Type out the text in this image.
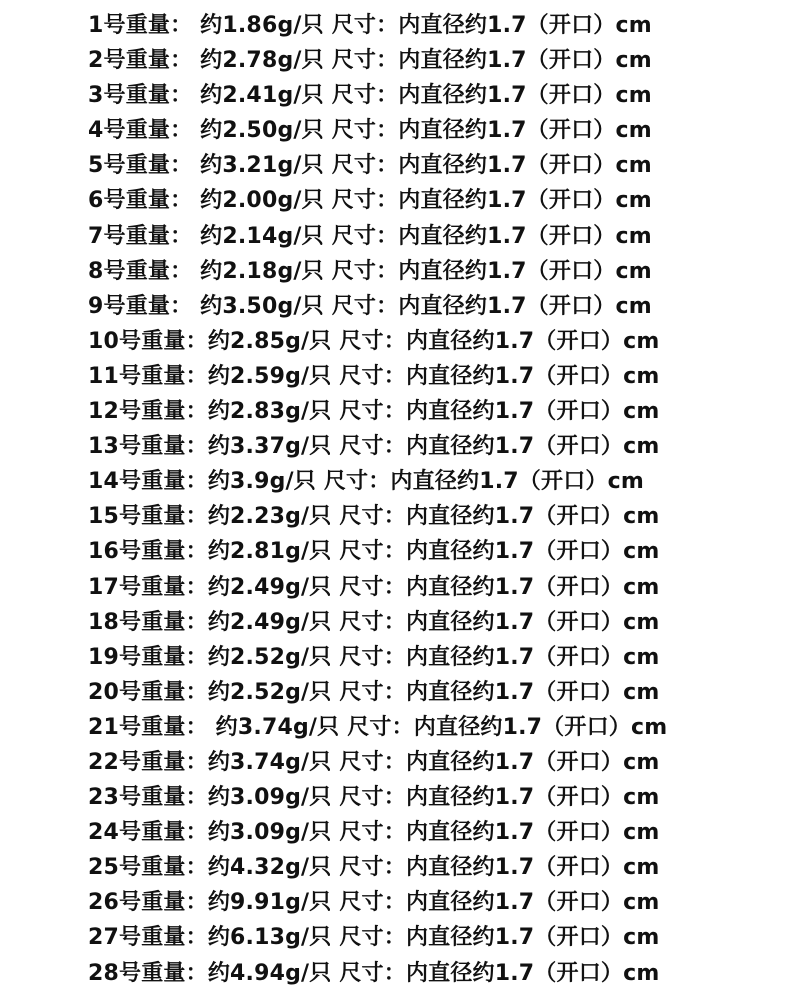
1号重量： 约1.86g/只 尺寸：内直径约1.7（开口）cm
2号重量： 约2.78g/只 尺寸：内直径约1.7（开口）cm
3号重量： 约2.41g/只 尺寸：内直径约1.7（开口）cm
4号重量： 约2.50g/只 尺寸：内直径约1.7（开口）cm
5号重量： 约3.21g/只 尺寸：内直径约1.7（开口）cm
6号重量： 约2.00g/只 尺寸：内直径约1.7（开口）cm
7号重量： 约2.14g/只 尺寸：内直径约1.7（开口）cm
8号重量： 约2.18g/只 尺寸：内直径约1.7（开口）cm
9号重量： 约3.50g/只 尺寸：内直径约1.7（开口）cm
10号重量：约2.85g/只 尺寸：内直径约1.7（开口）cm
11号重量：约2.59g/只 尺寸：内直径约1.7（开口）cm
12号重量：约2.83g/只 尺寸：内直径约1.7（开口）cm
13号重量：约3.37g/只 尺寸：内直径约1.7（开口）cm
14号重量：约3.9g/只 尺寸：内直径约1.7（开口）cm
15号重量：约2.23g/只 尺寸：内直径约1.7（开口）cm
16号重量：约2.81g/只 尺寸：内直径约1.7（开口）cm
17号重量：约2.49g/只 尺寸：内直径约1.7（开口）cm
18号重量：约2.49g/只 尺寸：内直径约1.7（开口）cm
19号重量：约2.52g/只 尺寸：内直径约1.7（开口）cm
20号重量：约2.52g/只 尺寸：内直径约1.7（开口）cm
21号重量： 约3.74g/只 尺寸：内直径约1.7（开口）cm
22号重量：约3.74g/只 尺寸：内直径约1.7（开口）cm
23号重量：约3.09g/只 尺寸：内直径约1.7（开口）cm
24号重量：约3.09g/只 尺寸：内直径约1.7（开口）cm
25号重量：约4.32g/只 尺寸：内直径约1.7（开口）cm
26号重量：约9.91g/只 尺寸：内直径约1.7（开口）cm
27号重量：约6.13g/只 尺寸：内直径约1.7（开口）cm
28号重量：约4.94g/只 尺寸：内直径约1.7（开口）cm
